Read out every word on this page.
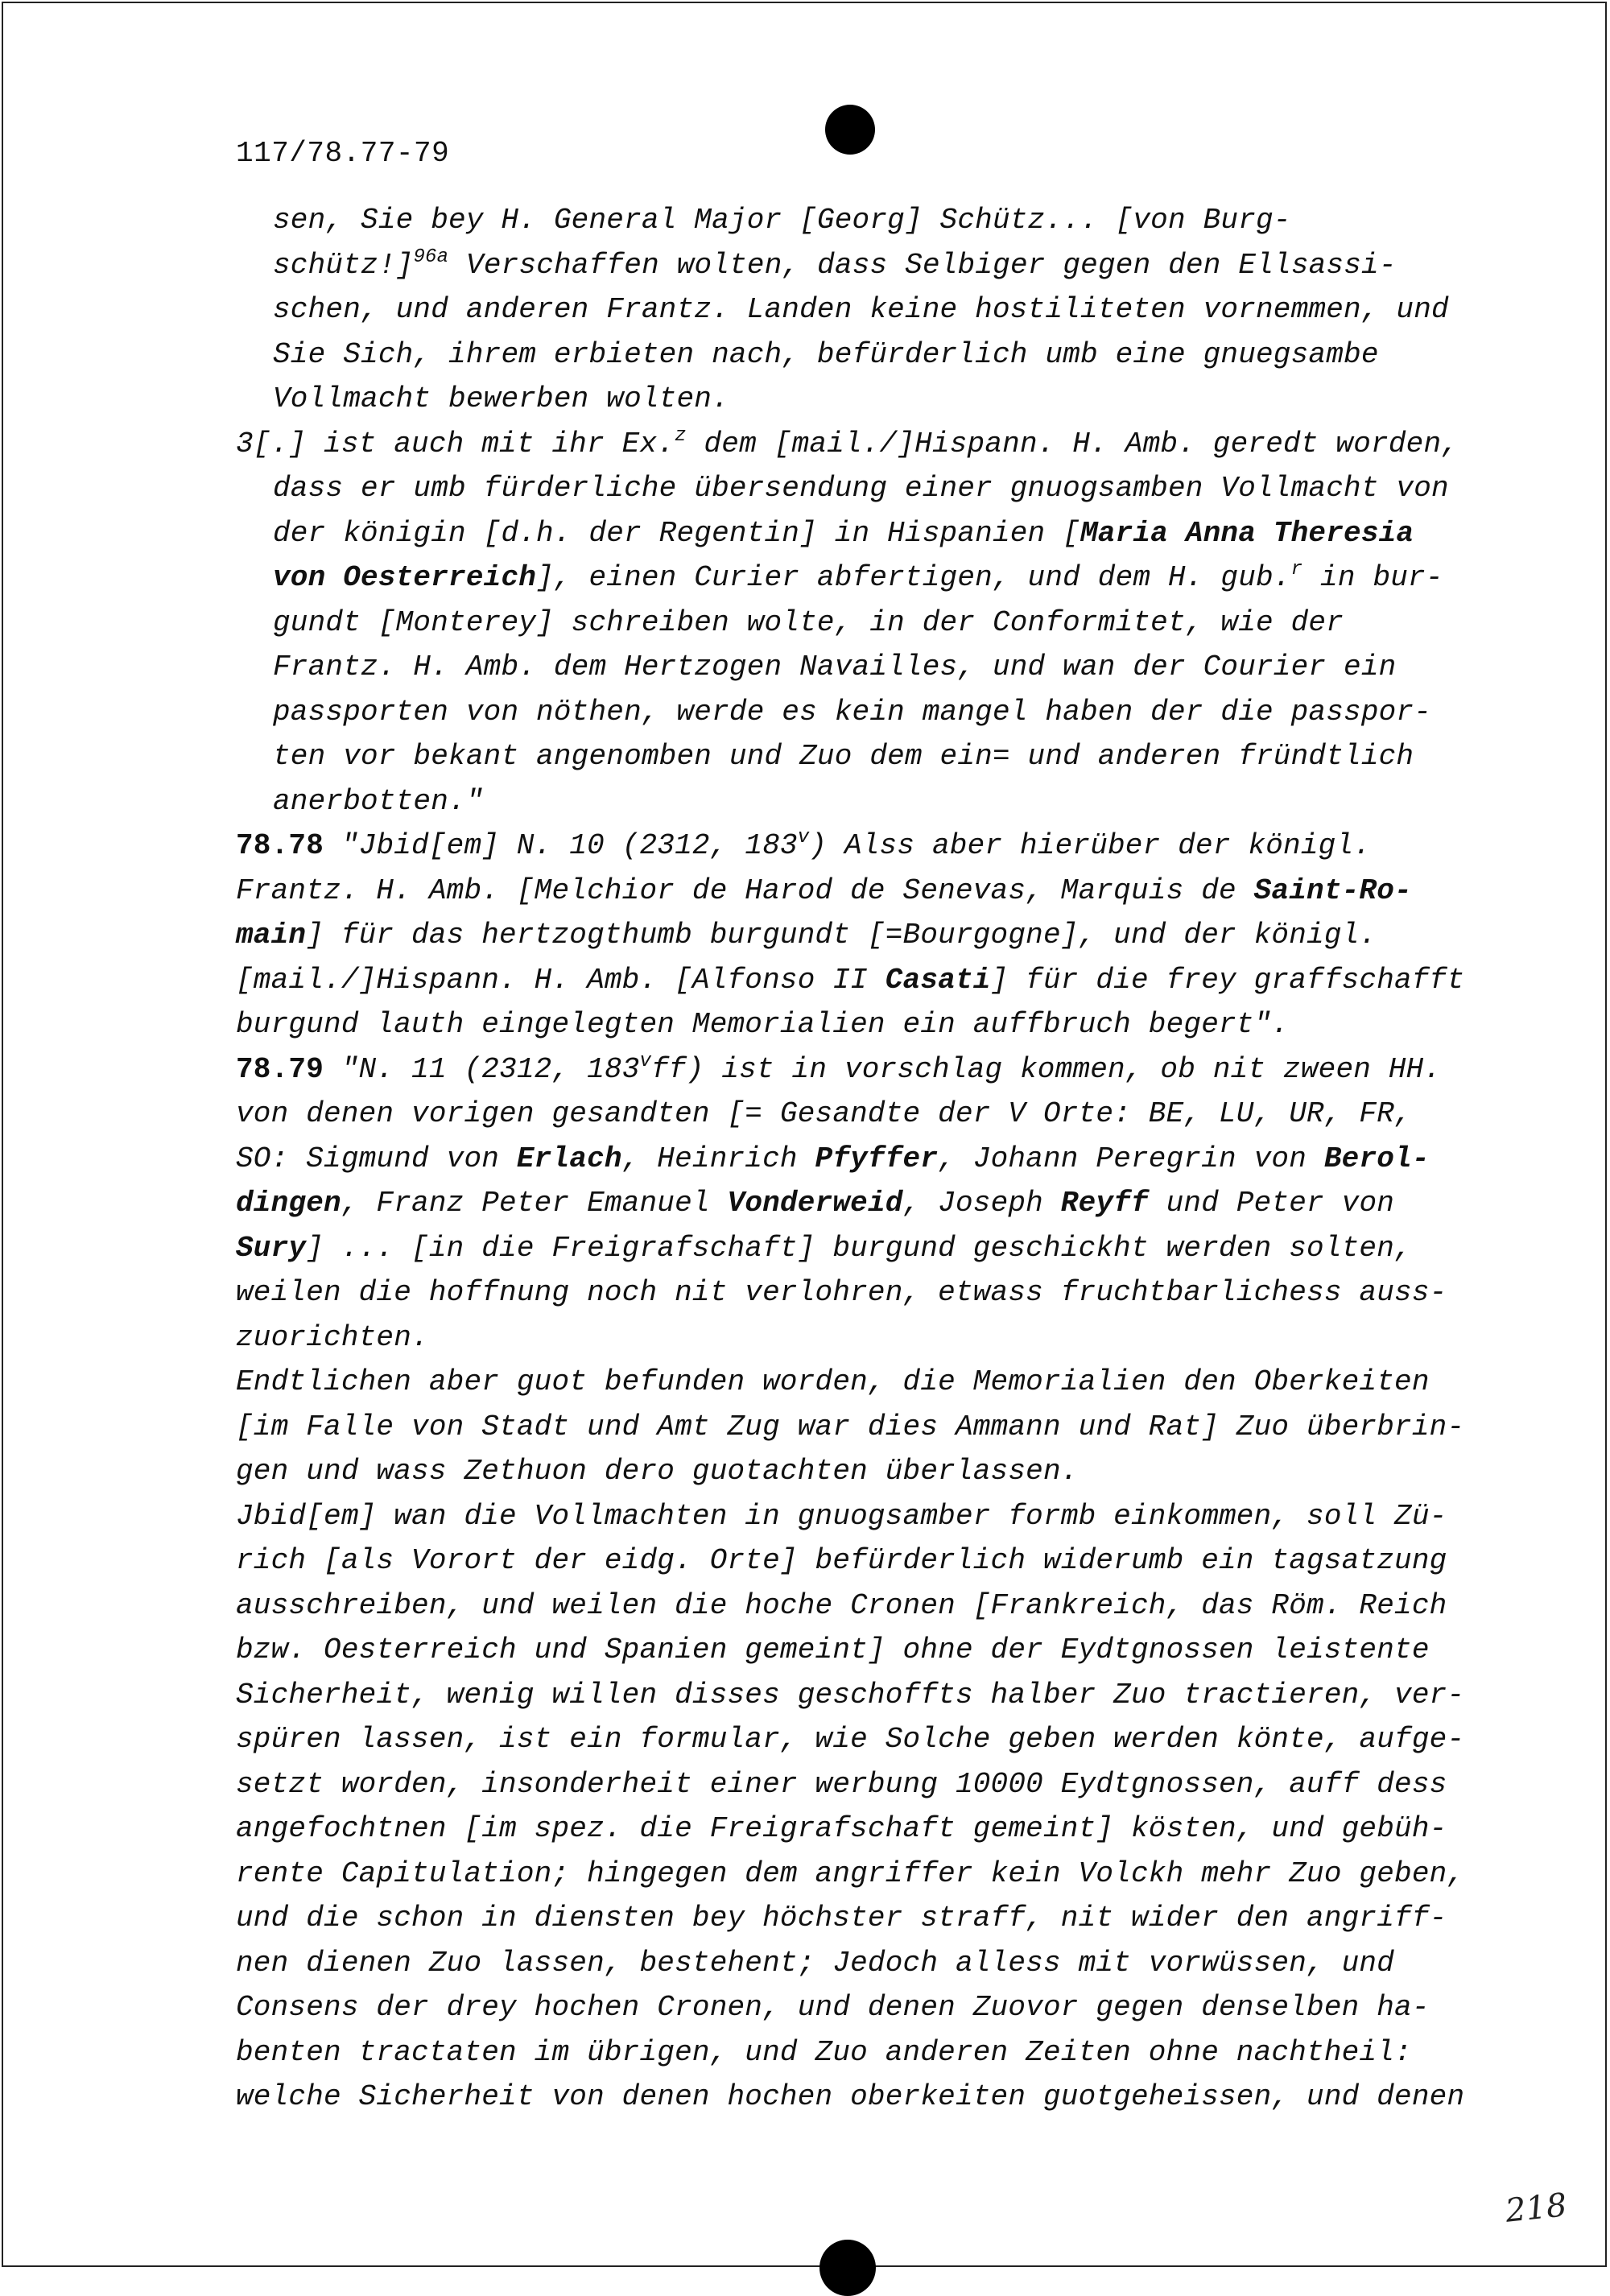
117/78.77-79
sen, Sie bey H. General Major [Georg] Schütz... [von Burg-
schütz!]$^{96a}$ Verschaffen wolten, dass Selbiger gegen den Ellsassi-
schen, und anderen Frantz. Landen keine hostiliteten vornemmen, und
Sie Sich, ihrem erbieten nach, befürderlich umb eine gnuegsambe
Vollmacht bewerben wolten.
3[.] ist auch mit ihr Ex.$^z$ dem [mail./]Hispann. H. Amb. geredt worden,
dass er umb fürderliche übersendung einer gnuogsamben Vollmacht von
der königin [d.h. der Regentin] in Hispanien [Maria Anna Theresia
von Oesterreich], einen Curier abfertigen, und dem H. gub.$^r$ in bur-
gundt [Monterey] schreiben wolte, in der Conformitet, wie der
Frantz. H. Amb. dem Hertzogen Navailles, und wan der Courier ein
passporten von nöthen, werde es kein mangel haben der die passpor-
ten vor bekant angenomben und Zuo dem ein= und anderen fründtlich
anerbotten."
78.78 "Jbid[em] N. 10 (2312, 183$^v$) Alss aber hierüber der königl.
Frantz. H. Amb. [Melchior de Harod de Senevas, Marquis de Saint-Ro-
main] für das hertzogthumb burgundt [=Bourgogne], und der königl.
[mail./]Hispann. H. Amb. [Alfonso II Casati] für die frey graffschafft
burgund lauth eingelegten Memorialien ein auffbruch begert".
78.79 "N. 11 (2312, 183$^v$ff) ist in vorschlag kommen, ob nit zween HH.
von denen vorigen gesandten [= Gesandte der V Orte: BE, LU, UR, FR,
SO: Sigmund von Erlach, Heinrich Pfyffer, Johann Peregrin von Berol-
dingen, Franz Peter Emanuel Vonderweid, Joseph Reyff und Peter von
Sury] ... [in die Freigrafschaft] burgund geschickht werden solten,
weilen die hoffnung noch nit verlohren, etwass fruchtbarlichess auss-
zuorichten.
Endtlichen aber guot befunden worden, die Memorialien den Oberkeiten
[im Falle von Stadt und Amt Zug war dies Ammann und Rat] Zuo überbrin-
gen und wass Zethuon dero guotachten überlassen.
Jbid[em] wan die Vollmachten in gnuogsamber formb einkommen, soll Zü-
rich [als Vorort der eidg. Orte] befürderlich widerumb ein tagsatzung
ausschreiben, und weilen die hoche Cronen [Frankreich, das Röm. Reich
bzw. Oesterreich und Spanien gemeint] ohne der Eydtgnossen leistente
Sicherheit, wenig willen disses geschoffts halber Zuo tractieren, ver-
spüren lassen, ist ein formular, wie Solche geben werden könte, aufge-
setzt worden, insonderheit einer werbung 10000 Eydtgnossen, auff dess
angefochtnen [im spez. die Freigrafschaft gemeint] kösten, und gebüh-
rente Capitulation; hingegen dem angriffer kein Volckh mehr Zuo geben,
und die schon in diensten bey höchster straff, nit wider den angriff-
nen dienen Zuo lassen, bestehent; Jedoch alless mit vorwüssen, und
Consens der drey hochen Cronen, und denen Zuovor gegen denselben ha-
benten tractaten im übrigen, und Zuo anderen Zeiten ohne nachtheil:
welche Sicherheit von denen hochen oberkeiten guotgeheissen, und denen
218
